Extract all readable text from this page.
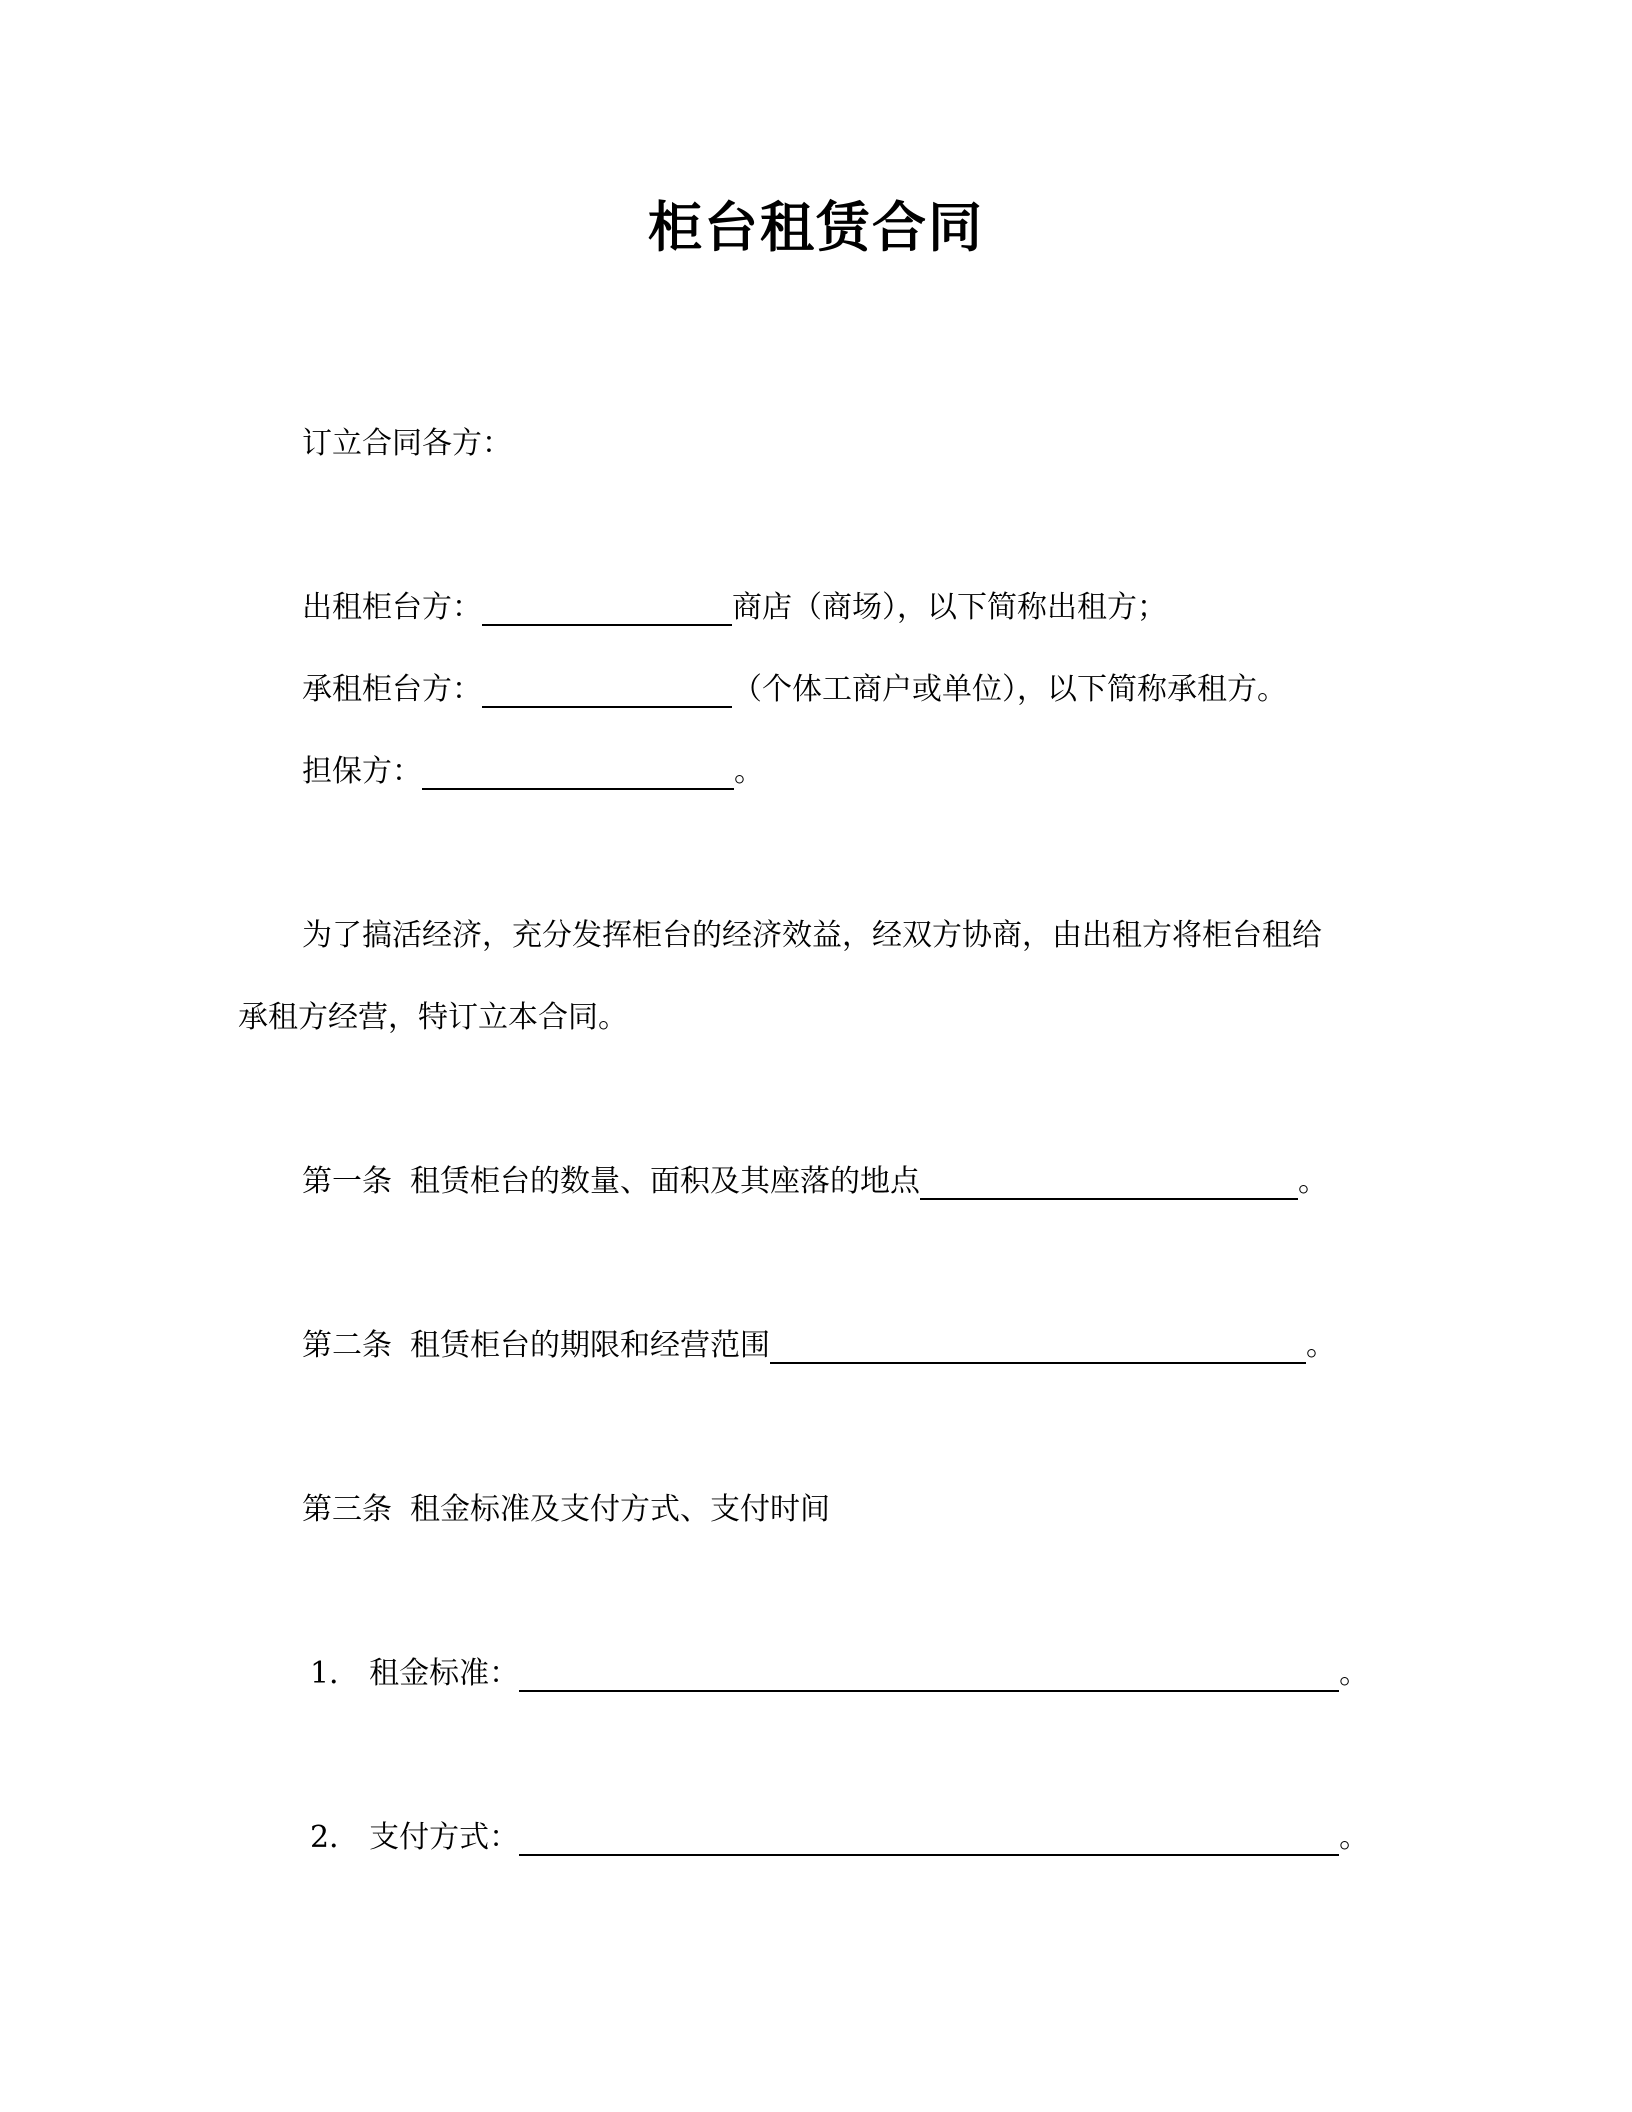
柜台租赁合同
订立合同各方：
出租柜台方：	商店（商场），以下简称出租方；
承租柜台方：	（个体工商户或单位），以下简称承租方。
担保方：	。
为了搞活经济，充分发挥柜台的经济效益，经双方协商，由出租方将柜台租给
承租方经营，特订立本合同。
第一条 租赁柜台的数量、面积及其座落的地点	。
第二条 租赁柜台的期限和经营范围	。
第三条 租金标准及支付方式、支付时间
1． 租金标准：	。
2． 支付方式：	。
